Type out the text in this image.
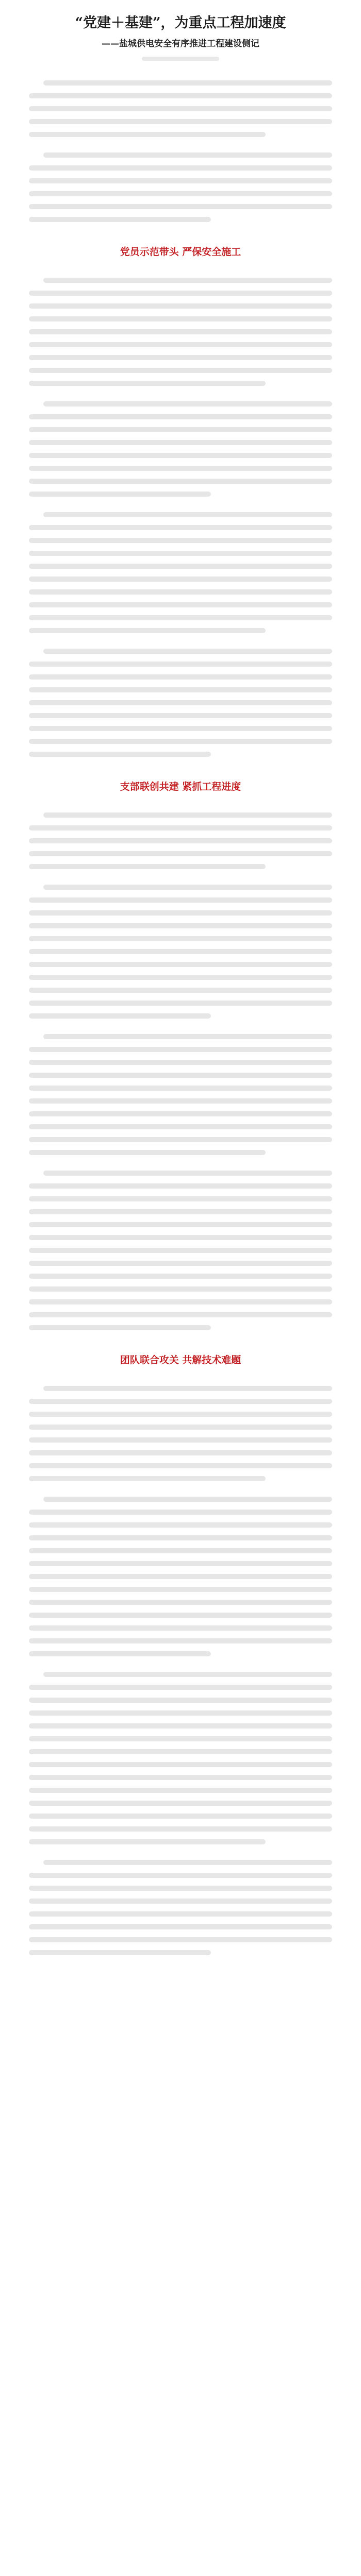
“党建＋基建”，为重点工程加速度

——盐城供电安全有序推进工程建设侧记

党员示范带头 严保安全施工
支部联创共建 紧抓工程进度
团队联合攻关 共解技术难题
